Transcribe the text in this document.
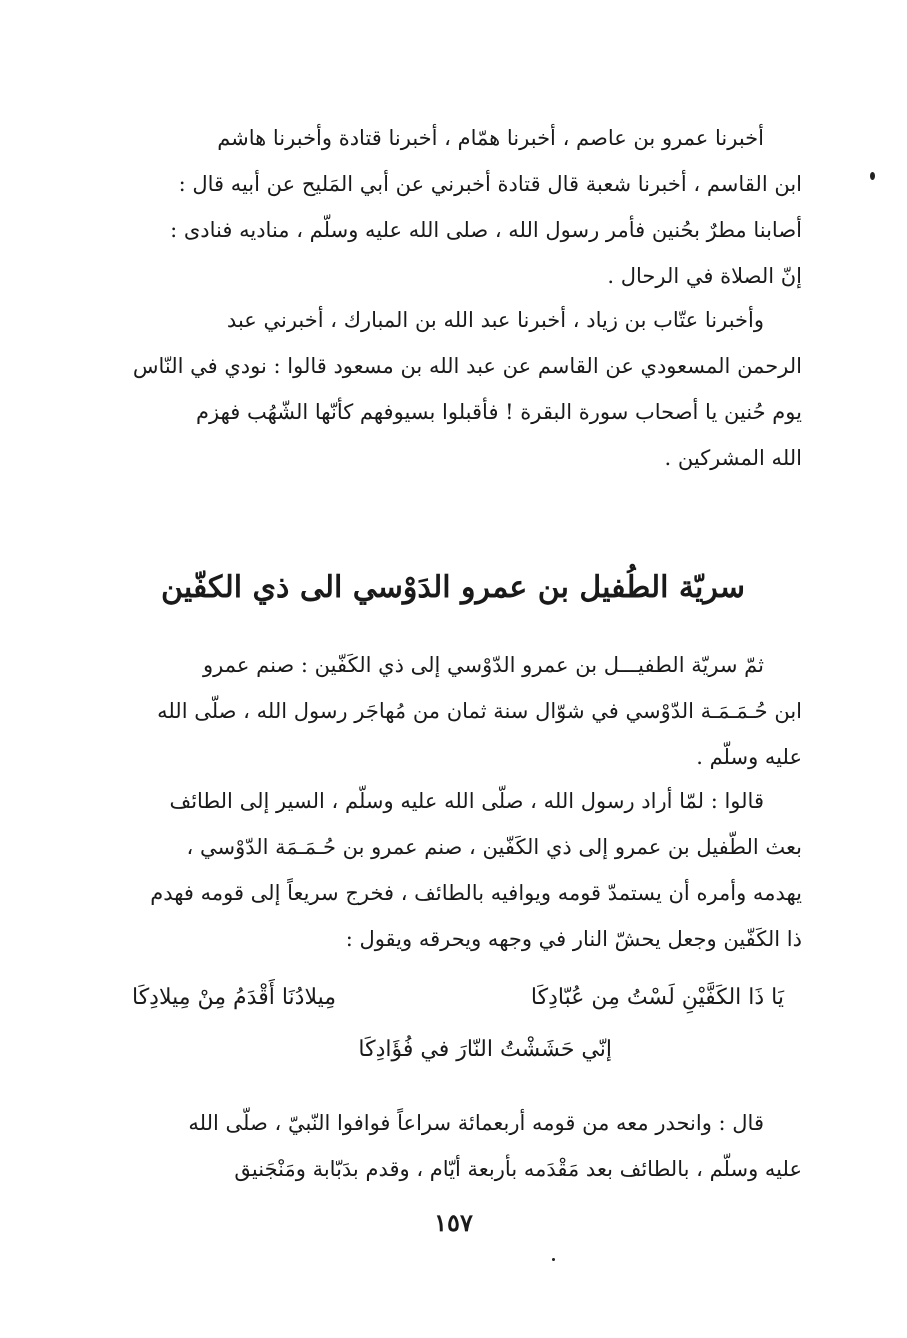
أخبرنا عمرو بن عاصم ، أخبرنا همّام ، أخبرنا قتادة وأخبرنا هاشم
ابن القاسم ، أخبرنا شعبة قال قتادة أخبرني عن أبي المَليح عن أبيه قال :
أصابنا مطرٌ بحُنين فأمر رسول الله ، صلى الله عليه وسلّم ، مناديه فنادى :
إنّ الصلاة في الرحال .
وأخبرنا عتّاب بن زياد ، أخبرنا عبد الله بن المبارك ، أخبرني عبد
الرحمن المسعودي عن القاسم عن عبد الله بن مسعود قالوا : نودي في النّاس
يوم حُنين يا أصحاب سورة البقرة ! فأقبلوا بسيوفهم كأنّها الشّهُب فهزم
الله المشركين .
سريّة الطُفيل بن عمرو الدَوْسي الى ذي الكفّين
ثمّ سريّة الطفيـــل بن عمرو الدّوْسي إلى ذي الكَفّين : صنم عمرو
ابن حُـمَـمَـة الدّوْسي في شوّال سنة ثمان من مُهاجَر رسول الله ، صلّى الله
عليه وسلّم .
قالوا : لمّا أراد رسول الله ، صلّى الله عليه وسلّم ، السير إلى الطائف
بعث الطّفيل بن عمرو إلى ذي الكَفّين ، صنم عمرو بن حُـمَـمَة الدّوْسي ،
يهدمه وأمره أن يستمدّ قومه ويوافيه بالطائف ، فخرج سريعاً إلى قومه فهدم
ذا الكَفّين وجعل يحشّ النار في وجهه ويحرقه ويقول :
يَا ذَا الكَفَّيْنِ لَسْتُ مِن عُبّادِكَا
مِيلادُنَا أَقْدَمُ مِنْ مِيلادِكَا
إنّي حَشَشْتُ النّارَ في فُؤَادِكَا
قال : وانحدر معه من قومه أربعمائة سراعاً فوافوا النّبيّ ، صلّى الله
عليه وسلّم ، بالطائف بعد مَقْدَمه بأربعة أيّام ، وقدم بدَبّابة ومَنْجَنيق
١٥٧
